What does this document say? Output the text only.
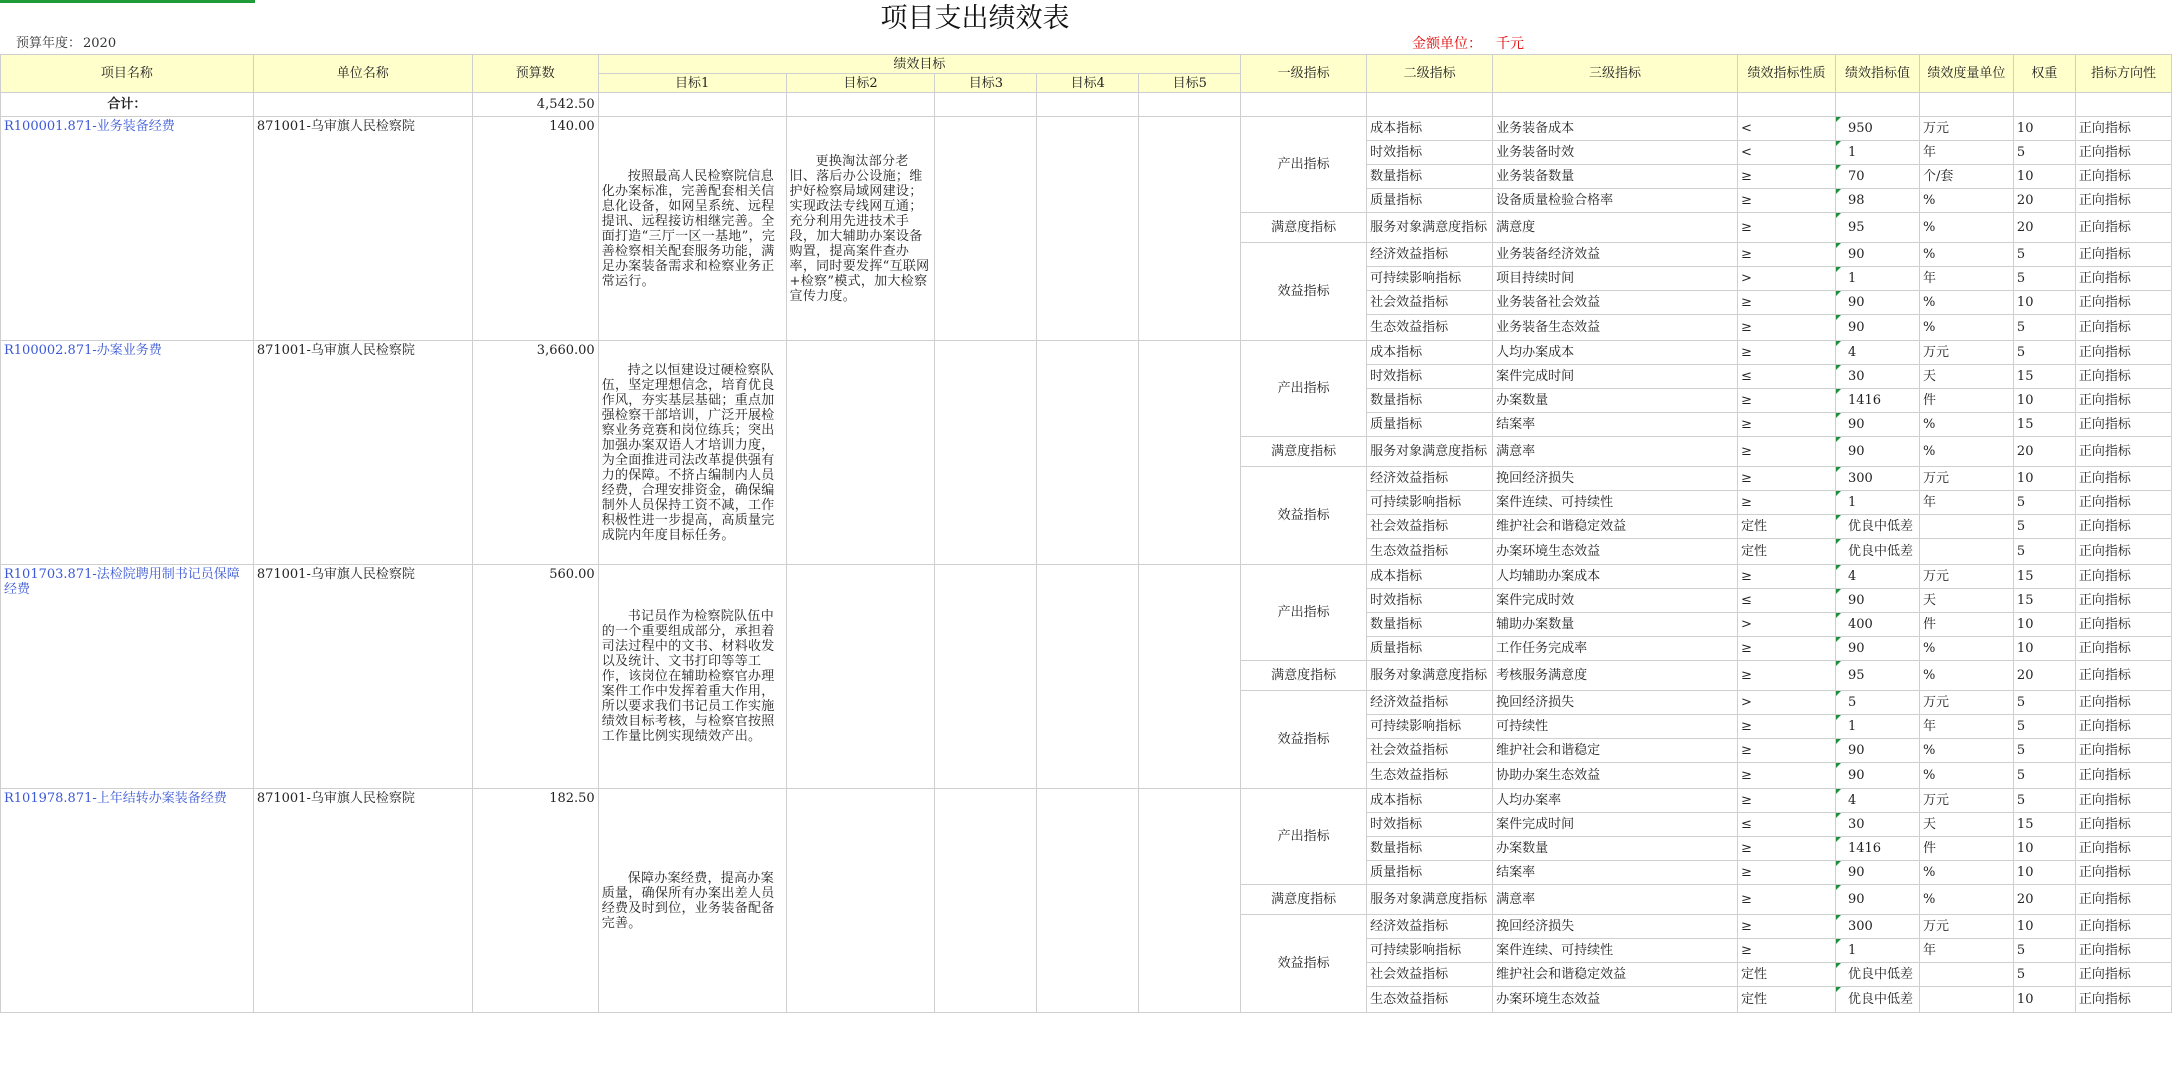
项目支出绩效表
预算年度： 2020	金额单位： 千元
项目名称	单位名称	预算数	绩效目标					一级指标	二级指标	三级指标	绩效指标性质	绩效指标值	绩效度量单位	权重	指标方向性
			目标1	目标2	目标3	目标4	目标5								
合计：		4,542.50													
R100001.871-业务装备经费	871001-乌审旗人民检察院	140.00	按照最高人民检察院信息化办案标准，完善配套相关信息化设备，如网呈系统、远程提讯、远程接访相继完善。全面打造“三厅一区一基地”，完善检察相关配套服务功能，满足办案装备需求和检察业务正常运行。	更换淘汰部分老旧、落后办公设施；维护好检察局域网建设；实现政法专线网互通；充分利用先进技术手段，加大辅助办案设备购置，提高案件查办率，同时要发挥“互联网+检察”模式，加大检察宣传力度。				产出指标	成本指标	业务装备成本	<	950	万元	10	正向指标
									时效指标	业务装备时效	<	1	年	5	正向指标
									数量指标	业务装备数量	≥	70	个/套	10	正向指标
									质量指标	设备质量检验合格率	≥	98	%	20	正向指标
								满意度指标	服务对象满意度指标	满意度	≥	95	%	20	正向指标
								效益指标	经济效益指标	业务装备经济效益	≥	90	%	5	正向指标
									可持续影响指标	项目持续时间	>	1	年	5	正向指标
									社会效益指标	业务装备社会效益	≥	90	%	10	正向指标
									生态效益指标	业务装备生态效益	≥	90	%	5	正向指标
R100002.871-办案业务费	871001-乌审旗人民检察院	3,660.00	持之以恒建设过硬检察队伍，坚定理想信念，培育优良作风，夯实基层基础；重点加强检察干部培训，广泛开展检察业务竞赛和岗位练兵；突出加强办案双语人才培训力度，为全面推进司法改革提供强有力的保障。不挤占编制内人员经费，合理安排资金，确保编制外人员保持工资不减，工作积极性进一步提高，高质量完成院内年度目标任务。					产出指标	成本指标	人均办案成本	≥	4	万元	5	正向指标
									时效指标	案件完成时间	≤	30	天	15	正向指标
									数量指标	办案数量	≥	1416	件	10	正向指标
									质量指标	结案率	≥	90	%	15	正向指标
								满意度指标	服务对象满意度指标	满意率	≥	90	%	20	正向指标
								效益指标	经济效益指标	挽回经济损失	≥	300	万元	10	正向指标
									可持续影响指标	案件连续、可持续性	≥	1	年	5	正向指标
									社会效益指标	维护社会和谐稳定效益	定性	优良中低差		5	正向指标
									生态效益指标	办案环境生态效益	定性	优良中低差		5	正向指标
R101703.871-法检院聘用制书记员保障经费	871001-乌审旗人民检察院	560.00	书记员作为检察院队伍中的一个重要组成部分，承担着司法过程中的文书、材料收发以及统计、文书打印等等工作，该岗位在辅助检察官办理案件工作中发挥着重大作用，所以要求我们书记员工作实施绩效目标考核，与检察官按照工作量比例实现绩效产出。					产出指标	成本指标	人均辅助办案成本	≥	4	万元	15	正向指标
									时效指标	案件完成时效	≤	90	天	15	正向指标
									数量指标	辅助办案数量	>	400	件	10	正向指标
									质量指标	工作任务完成率	≥	90	%	10	正向指标
								满意度指标	服务对象满意度指标	考核服务满意度	≥	95	%	20	正向指标
								效益指标	经济效益指标	挽回经济损失	>	5	万元	5	正向指标
									可持续影响指标	可持续性	≥	1	年	5	正向指标
									社会效益指标	维护社会和谐稳定	≥	90	%	5	正向指标
									生态效益指标	协助办案生态效益	≥	90	%	5	正向指标
R101978.871-上年结转办案装备经费	871001-乌审旗人民检察院	182.50	保障办案经费，提高办案质量，确保所有办案出差人员经费及时到位，业务装备配备完善。					产出指标	成本指标	人均办案率	≥	4	万元	5	正向指标
									时效指标	案件完成时间	≤	30	天	15	正向指标
									数量指标	办案数量	≥	1416	件	10	正向指标
									质量指标	结案率	≥	90	%	10	正向指标
								满意度指标	服务对象满意度指标	满意率	≥	90	%	20	正向指标
								效益指标	经济效益指标	挽回经济损失	≥	300	万元	10	正向指标
									可持续影响指标	案件连续、可持续性	≥	1	年	5	正向指标
									社会效益指标	维护社会和谐稳定效益	定性	优良中低差		5	正向指标
									生态效益指标	办案环境生态效益	定性	优良中低差		10	正向指标
